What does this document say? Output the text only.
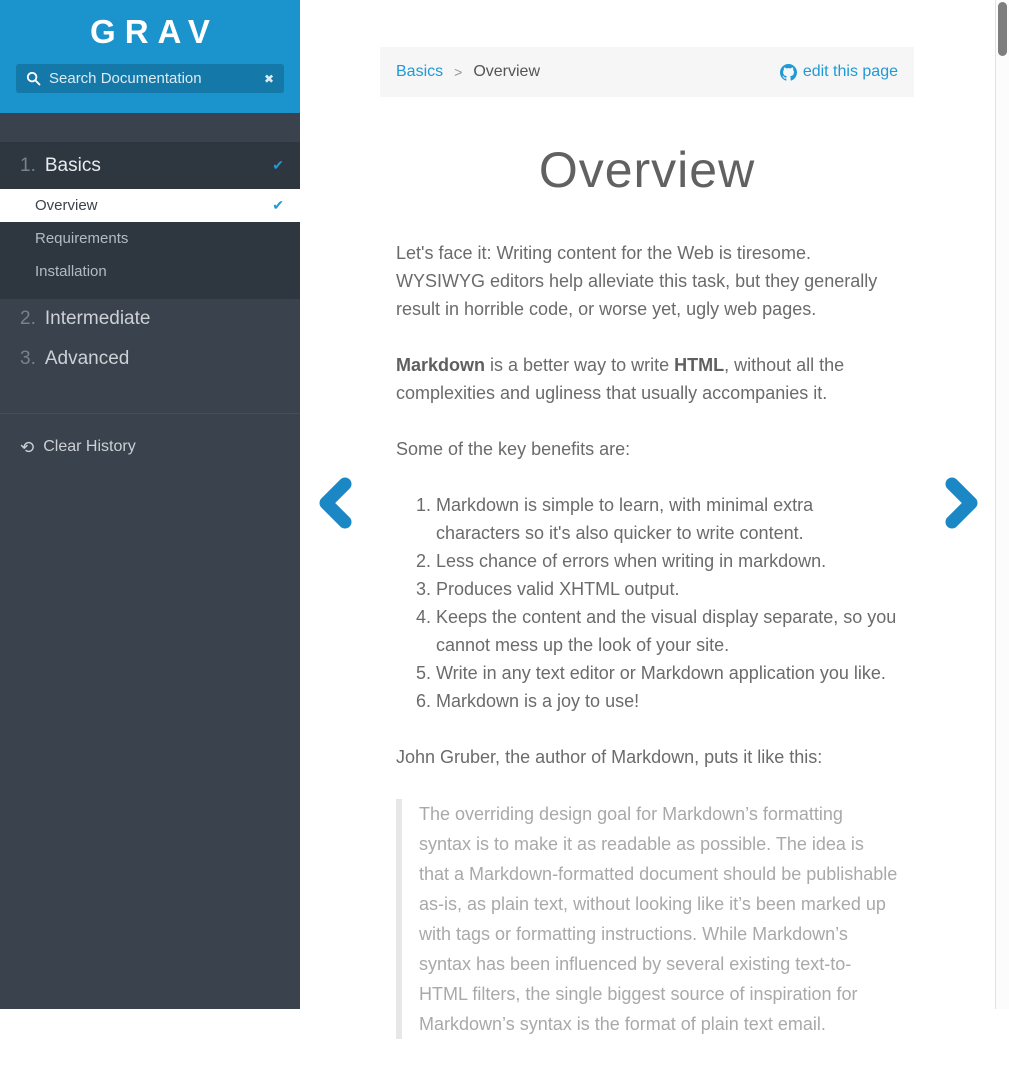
GRAV
Search Documentation
✖
1. Basics	✔
Overview	✔
Requirements
Installation
2. Intermediate
3. Advanced
⟲ Clear History
Basics > Overview	edit this page
Overview

Let's face it: Writing content for the Web is tiresome. WYSIWYG editors help alleviate this task, but they generally result in horrible code, or worse yet, ugly web pages.

Markdown is a better way to write HTML, without all the complexities and ugliness that usually accompanies it.

Some of the key benefits are:

1. Markdown is simple to learn, with minimal extra characters so it's also quicker to write content.
2. Less chance of errors when writing in markdown.
3. Produces valid XHTML output.
4. Keeps the content and the visual display separate, so you cannot mess up the look of your site.
5. Write in any text editor or Markdown application you like.
6. Markdown is a joy to use!

John Gruber, the author of Markdown, puts it like this:

The overriding design goal for Markdown’s formatting syntax is to make it as readable as possible. The idea is that a Markdown-formatted document should be publishable as-is, as plain text, without looking like it’s been marked up with tags or formatting instructions. While Markdown’s syntax has been influenced by several existing text-to-HTML filters, the single biggest source of inspiration for Markdown’s syntax is the format of plain text email.
